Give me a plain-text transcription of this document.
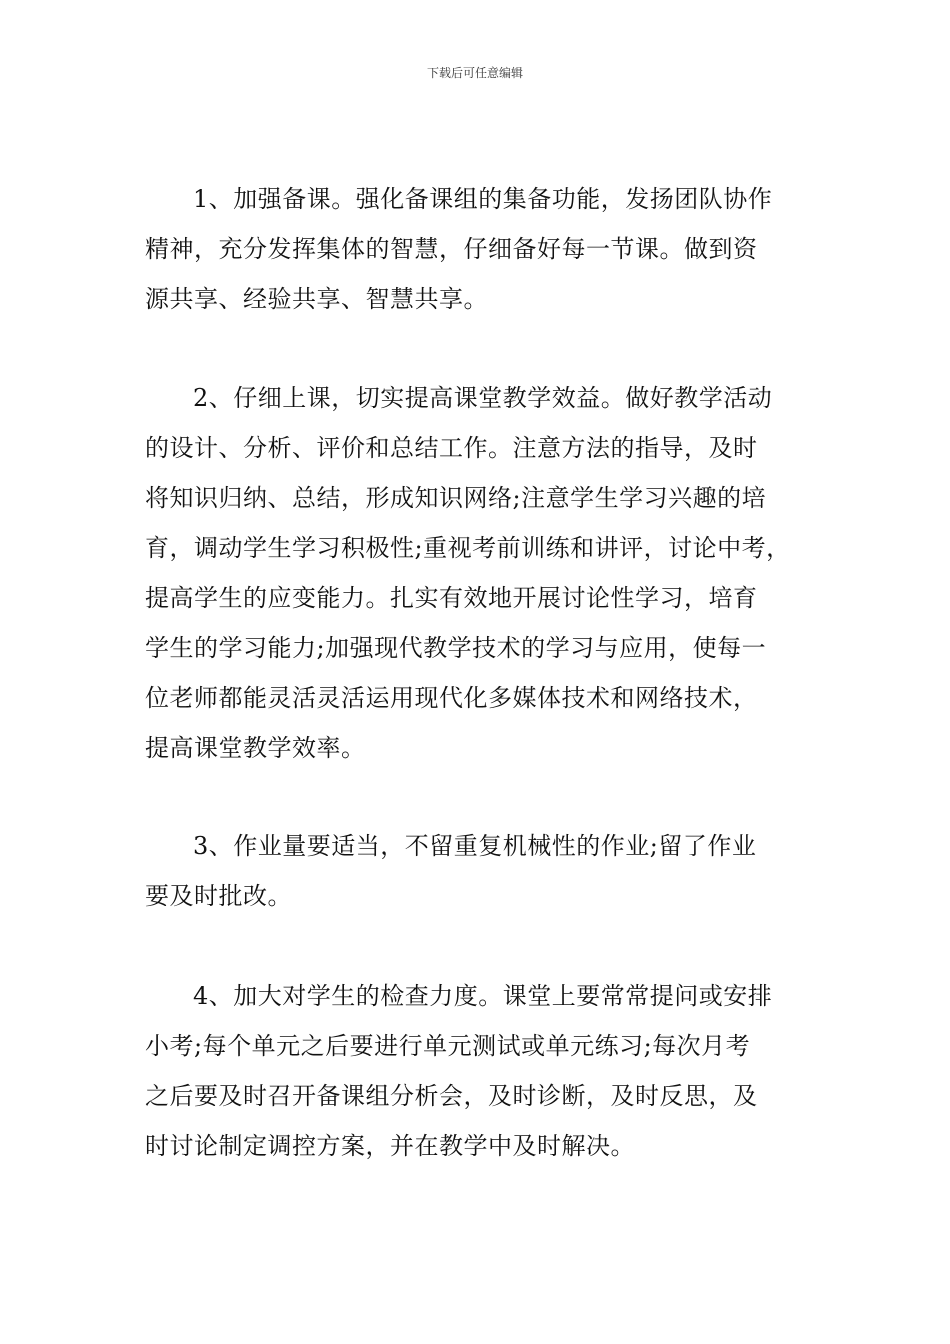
下载后可任意编辑
1、加强备课。强化备课组的集备功能，发扬团队协作
精神，充分发挥集体的智慧，仔细备好每一节课。做到资
源共享、经验共享、智慧共享。
2、仔细上课，切实提高课堂教学效益。做好教学活动
的设计、分析、评价和总结工作。注意方法的指导，及时
将知识归纳、总结，形成知识网络;注意学生学习兴趣的培
育，调动学生学习积极性;重视考前训练和讲评，讨论中考，
提高学生的应变能力。扎实有效地开展讨论性学习，培育
学生的学习能力;加强现代教学技术的学习与应用，使每一
位老师都能灵活灵活运用现代化多媒体技术和网络技术，
提高课堂教学效率。
3、作业量要适当，不留重复机械性的作业;留了作业
要及时批改。
4、加大对学生的检查力度。课堂上要常常提问或安排
小考;每个单元之后要进行单元测试或单元练习;每次月考
之后要及时召开备课组分析会，及时诊断，及时反思，及
时讨论制定调控方案，并在教学中及时解决。
